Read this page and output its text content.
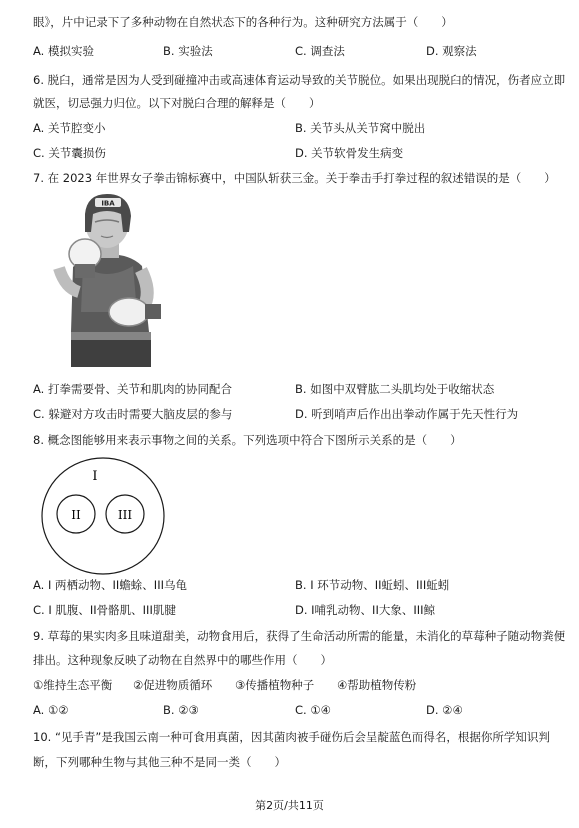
眼》，片中记录下了多种动物在自然状态下的各种行为。这种研究方法属于（　　）
A. 模拟实验	B. 实验法	C. 调查法	D. 观察法
6. 脱臼，通常是因为人受到碰撞冲击或高速体育运动导致的关节脱位。如果出现脱臼的情况，伤者应立即
就医，切忌强力归位。以下对脱臼合理的解释是（　　）
A. 关节腔变小	B. 关节头从关节窝中脱出
C. 关节囊损伤	D. 关节软骨发生病变
7. 在 2023 年世界女子拳击锦标赛中，中国队斩获三金。关于拳击手打拳过程的叙述错误的是（　　）
IBA
A. 打拳需要骨、关节和肌肉的协同配合	B. 如图中双臂肱二头肌均处于收缩状态
C. 躲避对方攻击时需要大脑皮层的参与	D. 听到哨声后作出出拳动作属于先天性行为
8. 概念图能够用来表示事物之间的关系。下列选项中符合下图所示关系的是（　　）
I
II	III
A. I 两栖动物、II蟾蜍、III乌龟	B. I 环节动物、II蚯蚓、III蚯蚓
C. I 肌腹、II骨骼肌、III肌腱	D. I哺乳动物、II大象、III鲸
9. 草莓的果实肉多且味道甜美，动物食用后，获得了生命活动所需的能量，未消化的草莓种子随动物粪便
排出。这种现象反映了动物在自然界中的哪些作用（　　）
①维持生态平衡 ②促进物质循环 ③传播植物种子 ④帮助植物传粉
A. ①②	B. ②③	C. ①④	D. ②④
10. “见手青”是我国云南一种可食用真菌，因其菌肉被手碰伤后会呈靛蓝色而得名，根据你所学知识判
断，下列哪种生物与其他三种不是同一类（　　）
第2页/共11页
